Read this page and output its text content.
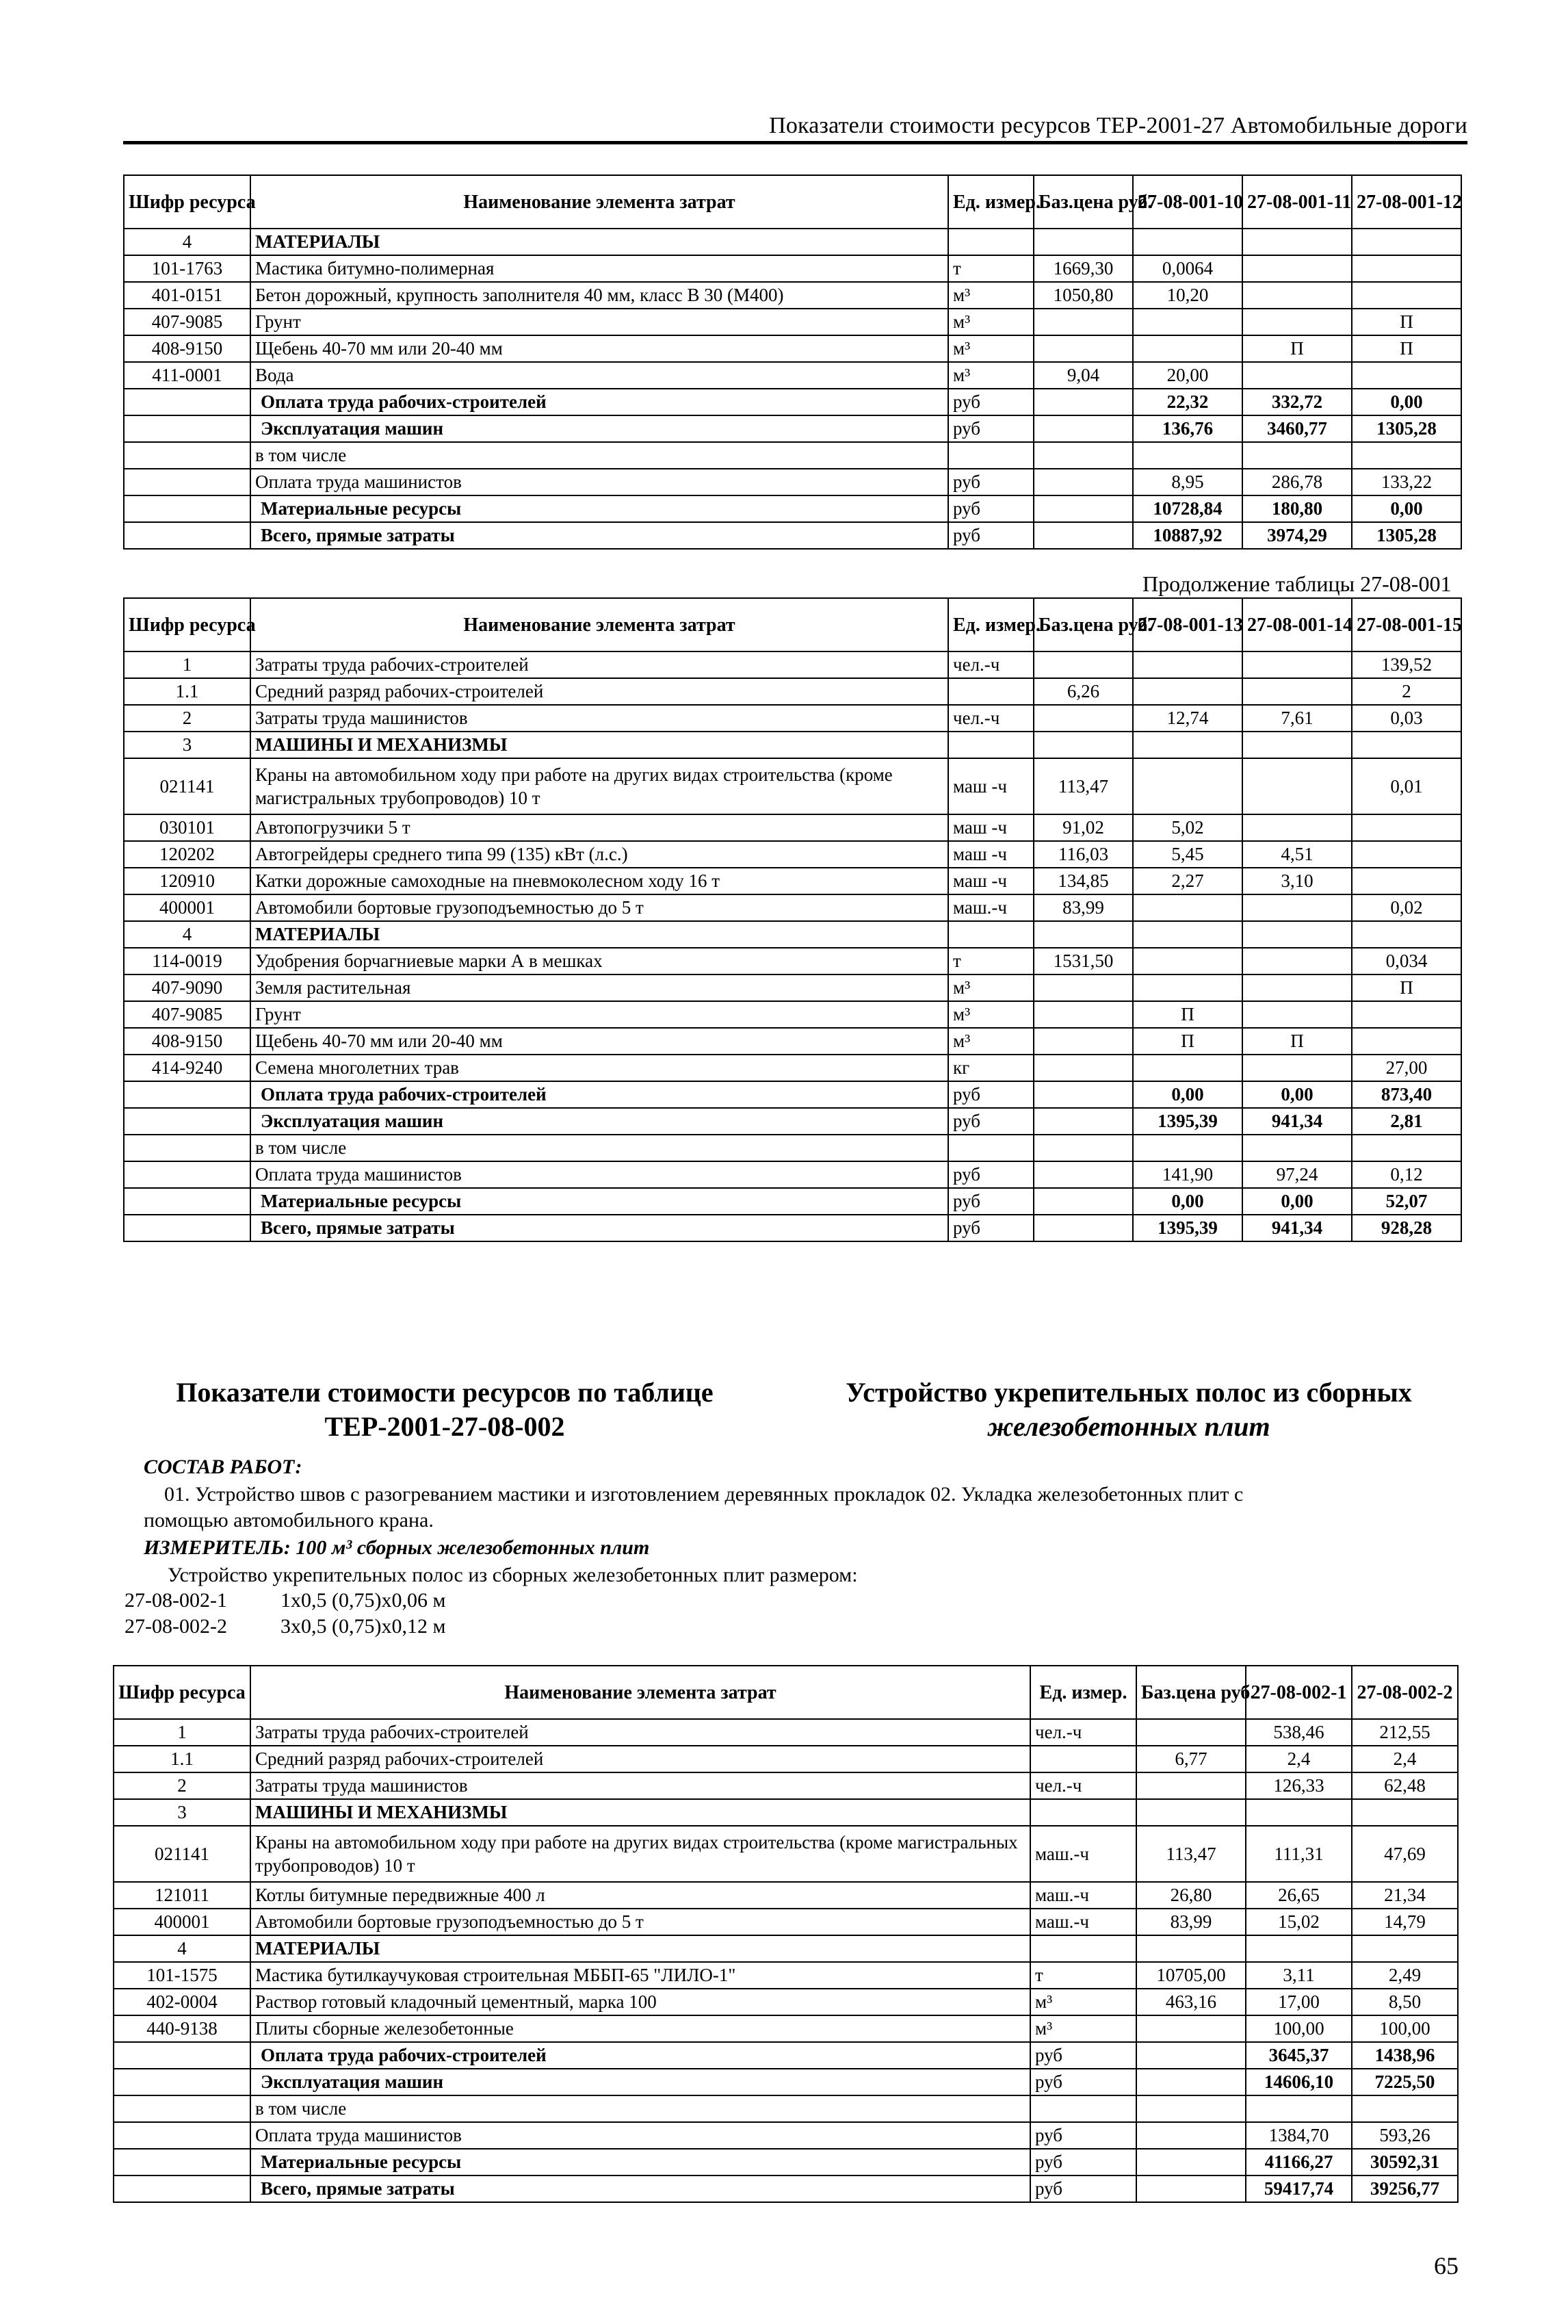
Показатели стоимости ресурсов ТЕР-2001-27 Автомобильные дороги
Шифр ресурса	Наименование элемента затрат	Ед. измер.	Баз.цена руб.	27-08-001-10	27-08-001-11	27-08-001-12
4	МАТЕРИАЛЫ					
101-1763	Мастика битумно-полимерная	т	1669,30	0,0064		
401-0151	Бетон дорожный, крупность заполнителя 40 мм, класс В 30 (М400)	м³	1050,80	10,20		
407-9085	Грунт	м³				П
408-9150	Щебень 40-70 мм или 20-40 мм	м³			П	П
411-0001	Вода	м³	9,04	20,00		
	Оплата труда рабочих-строителей	руб		22,32	332,72	0,00
	Эксплуатация машин	руб		136,76	3460,77	1305,28
	в том числе					
	Оплата труда машинистов	руб		8,95	286,78	133,22
	Материальные ресурсы	руб		10728,84	180,80	0,00
	Всего, прямые затраты	руб		10887,92	3974,29	1305,28
Продолжение таблицы 27-08-001
Шифр ресурса	Наименование элемента затрат	Ед. измер.	Баз.цена руб.	27-08-001-13	27-08-001-14	27-08-001-15
1	Затраты труда рабочих-строителей	чел.-ч				139,52
1.1	Средний разряд рабочих-строителей		6,26			2
2	Затраты труда машинистов	чел.-ч		12,74	7,61	0,03
3	МАШИНЫ И МЕХАНИЗМЫ					
021141	Краны на автомобильном ходу при работе на других видах строительства (кроме магистральных трубопроводов) 10 т	маш -ч	113,47			0,01
030101	Автопогрузчики 5 т	маш -ч	91,02	5,02		
120202	Автогрейдеры среднего типа 99 (135) кВт (л.с.)	маш -ч	116,03	5,45	4,51	
120910	Катки дорожные самоходные на пневмоколесном ходу 16 т	маш -ч	134,85	2,27	3,10	
400001	Автомобили бортовые грузоподъемностью до 5 т	маш.-ч	83,99			0,02
4	МАТЕРИАЛЫ					
114-0019	Удобрения борчагниевые марки А в мешках	т	1531,50			0,034
407-9090	Земля растительная	м³				П
407-9085	Грунт	м³		П		
408-9150	Щебень 40-70 мм или 20-40 мм	м³		П	П	
414-9240	Семена многолетних трав	кг				27,00
	Оплата труда рабочих-строителей	руб		0,00	0,00	873,40
	Эксплуатация машин	руб		1395,39	941,34	2,81
	в том числе					
	Оплата труда машинистов	руб		141,90	97,24	0,12
	Материальные ресурсы	руб		0,00	0,00	52,07
	Всего, прямые затраты	руб		1395,39	941,34	928,28
Показатели стоимости ресурсов по таблице
ТЕР-2001-27-08-002
Устройство укрепительных полос из сборных
железобетонных плит
СОСТАВ РАБОТ:
01. Устройство швов с разогреванием мастики и изготовлением деревянных прокладок 02. Укладка железобетонных плит с
помощью автомобильного крана.
ИЗМЕРИТЕЛЬ: 100 м³ сборных железобетонных плит
Устройство укрепительных полос из сборных железобетонных плит размером:
27-08-002-1	1х0,5 (0,75)х0,06 м
27-08-002-2	3х0,5 (0,75)х0,12 м
Шифр ресурса	Наименование элемента затрат	Ед. измер.	Баз.цена руб.	27-08-002-1	27-08-002-2
1	Затраты труда рабочих-строителей	чел.-ч		538,46	212,55
1.1	Средний разряд рабочих-строителей		6,77	2,4	2,4
2	Затраты труда машинистов	чел.-ч		126,33	62,48
3	МАШИНЫ И МЕХАНИЗМЫ				
021141	Краны на автомобильном ходу при работе на других видах строительства (кроме магистральных трубопроводов) 10 т	маш.-ч	113,47	111,31	47,69
121011	Котлы битумные передвижные 400 л	маш.-ч	26,80	26,65	21,34
400001	Автомобили бортовые грузоподъемностью до 5 т	маш.-ч	83,99	15,02	14,79
4	МАТЕРИАЛЫ				
101-1575	Мастика бутилкаучуковая строительная МББП-65 "ЛИЛО-1"	т	10705,00	3,11	2,49
402-0004	Раствор готовый кладочный цементный, марка 100	м³	463,16	17,00	8,50
440-9138	Плиты сборные железобетонные	м³		100,00	100,00
	Оплата труда рабочих-строителей	руб		3645,37	1438,96
	Эксплуатация машин	руб		14606,10	7225,50
	в том числе				
	Оплата труда машинистов	руб		1384,70	593,26
	Материальные ресурсы	руб		41166,27	30592,31
	Всего, прямые затраты	руб		59417,74	39256,77
65
